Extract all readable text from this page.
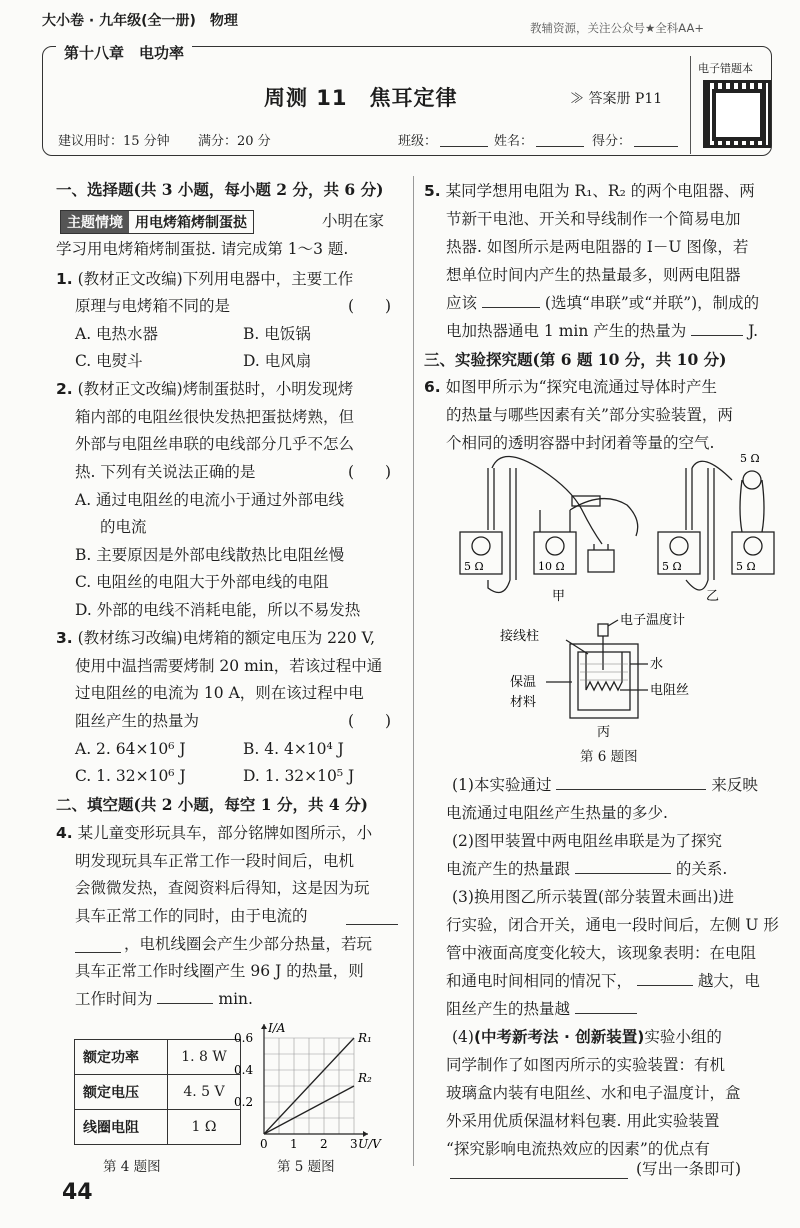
大小卷 · 九年级(全一册)　物理	教辅资源，关注公众号★全科AA+
第十八章　电功率
周测 11　焦耳定律	≫ 答案册 P11
电子错题本
建议用时：15 分钟 满分：20 分	班级：	姓名：	得分：
一、选择题(共 3 小题，每小题 2 分，共 6 分)
主题情境 用电烤箱烤制蛋挞	小明在家
学习用电烤箱烤制蛋挞. 请完成第 1～3 题.
1. (教材正文改编)下列用电器中，主要工作
原理与电烤箱不同的是	(　　)
A. 电热水器	B. 电饭锅
C. 电熨斗	D. 电风扇
2. (教材正文改编)烤制蛋挞时，小明发现烤
箱内部的电阻丝很快发热把蛋挞烤熟，但
外部与电阻丝串联的电线部分几乎不怎么
热. 下列有关说法正确的是	(　　)
A. 通过电阻丝的电流小于通过外部电线
的电流
B. 主要原因是外部电线散热比电阻丝慢
C. 电阻丝的电阻大于外部电线的电阻
D. 外部的电线不消耗电能，所以不易发热
3. (教材练习改编)电烤箱的额定电压为 220 V,
使用中温挡需要烤制 20 min，若该过程中通
过电阻丝的电流为 10 A，则在该过程中电
阻丝产生的热量为	(　　)
A. 2. 64×10⁶ J	B. 4. 4×10⁴ J
C. 1. 32×10⁶ J	D. 1. 32×10⁵ J
二、填空题(共 2 小题，每空 1 分，共 4 分)
4. 某儿童变形玩具车，部分铭牌如图所示，小
明发现玩具车正常工作一段时间后，电机
会微微发热，查阅资料后得知，这是因为玩
具车正常工作的同时，由于电流的
，电机线圈会产生少部分热量，若玩
具车正常工作时线圈产生 96 J 的热量，则
工作时间为	min.
额定功率	1. 8 W
额定电压	4. 5 V
线圈电阻	1 Ω
第 4 题图
0 1 2 3
0.2
0.4
0.6
U/V
I/A
R₁
R₂
第 5 题图
5. 某同学想用电阻为 R₁、R₂ 的两个电阻器、两
节新干电池、开关和导线制作一个简易电加
热器. 如图所示是两电阻器的 I－U 图像，若
想单位时间内产生的热量最多，则两电阻器
应该	(选填“串联”或“并联”)，制成的
电加热器通电 1 min 产生的热量为	J.
三、实验探究题(第 6 题 10 分，共 10 分)
6. 如图甲所示为“探究电流通过导体时产生
的热量与哪些因素有关”部分实验装置，两
个相同的透明容器中封闭着等量的空气.
5 Ω	10 Ω	5 Ω	5 Ω
5 Ω
甲	乙
接线柱
电子温度计
水
保温
材料
电阻丝
丙
第 6 题图
(1)本实验通过	来反映
电流通过电阻丝产生热量的多少.
(2)图甲装置中两电阻丝串联是为了探究
电流产生的热量跟	的关系.
(3)换用图乙所示装置(部分装置未画出)进
行实验，闭合开关，通电一段时间后，左侧 U 形
管中液面高度变化较大，该现象表明：在电阻
和通电时间相同的情况下，	越大，电
阻丝产生的热量越
(4)(中考新考法 · 创新装置)实验小组的
同学制作了如图丙所示的实验装置：有机
玻璃盒内装有电阻丝、水和电子温度计，盒
外采用优质保温材料包裹. 用此实验装置
“探究影响电流热效应的因素”的优点有
(写出一条即可)
44
